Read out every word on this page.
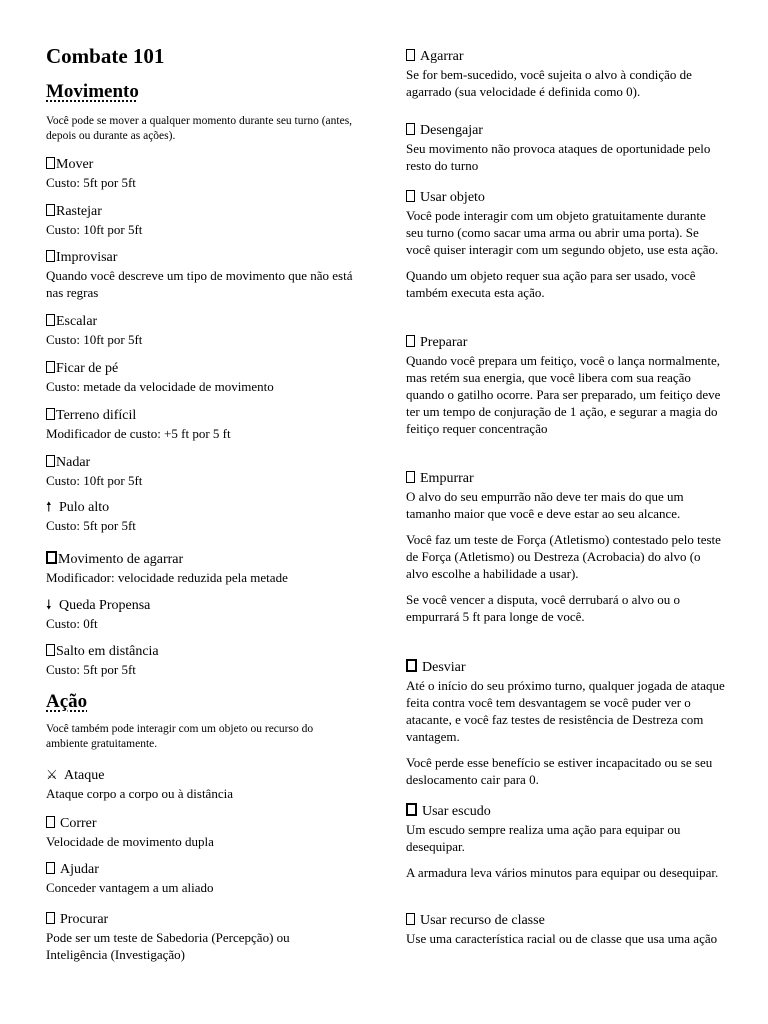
Combate 101
Movimento

Você pode se mover a qualquer momento durante seu turno (antes, depois ou durante as ações).

Mover

Custo: 5ft por 5ft

Rastejar

Custo: 10ft por 5ft

Improvisar

Quando você descreve um tipo de movimento que não está nas regras

Escalar

Custo: 10ft por 5ft

Ficar de pé

Custo: metade da velocidade de movimento

Terreno difícil

Modificador de custo: +5 ft por 5 ft

Nadar

Custo: 10ft por 5ft

🠕 Pulo alto

Custo: 5ft por 5ft

Movimento de agarrar

Modificador: velocidade reduzida pela metade

🠗 Queda Propensa

Custo: 0ft

Salto em distância

Custo: 5ft por 5ft

Ação

Você também pode interagir com um objeto ou recurso do ambiente gratuitamente.

⚔ Ataque

Ataque corpo a corpo ou à distância

Correr

Velocidade de movimento dupla

Ajudar

Conceder vantagem a um aliado

Procurar

Pode ser um teste de Sabedoria (Percepção) ou Inteligência (Investigação)

Agarrar

Se for bem-sucedido, você sujeita o alvo à condição de agarrado (sua velocidade é definida como 0).

Desengajar

Seu movimento não provoca ataques de oportunidade pelo resto do turno

Usar objeto

Você pode interagir com um objeto gratuitamente durante seu turno (como sacar uma arma ou abrir uma porta). Se você quiser interagir com um segundo objeto, use esta ação.

Quando um objeto requer sua ação para ser usado, você também executa esta ação.

Preparar

Quando você prepara um feitiço, você o lança normalmente, mas retém sua energia, que você libera com sua reação quando o gatilho ocorre. Para ser preparado, um feitiço deve ter um tempo de conjuração de 1 ação, e segurar a magia do feitiço requer concentração

Empurrar

O alvo do seu empurrão não deve ter mais do que um tamanho maior que você e deve estar ao seu alcance.

Você faz um teste de Força (Atletismo) contestado pelo teste de Força (Atletismo) ou Destreza (Acrobacia) do alvo (o alvo escolhe a habilidade a usar).

Se você vencer a disputa, você derrubará o alvo ou o empurrará 5 ft para longe de você.

Desviar

Até o início do seu próximo turno, qualquer jogada de ataque feita contra você tem desvantagem se você puder ver o atacante, e você faz testes de resistência de Destreza com vantagem.

Você perde esse benefício se estiver incapacitado ou se seu deslocamento cair para 0.

Usar escudo

Um escudo sempre realiza uma ação para equipar ou desequipar.

A armadura leva vários minutos para equipar ou desequipar.

Usar recurso de classe

Use uma característica racial ou de classe que usa uma ação
